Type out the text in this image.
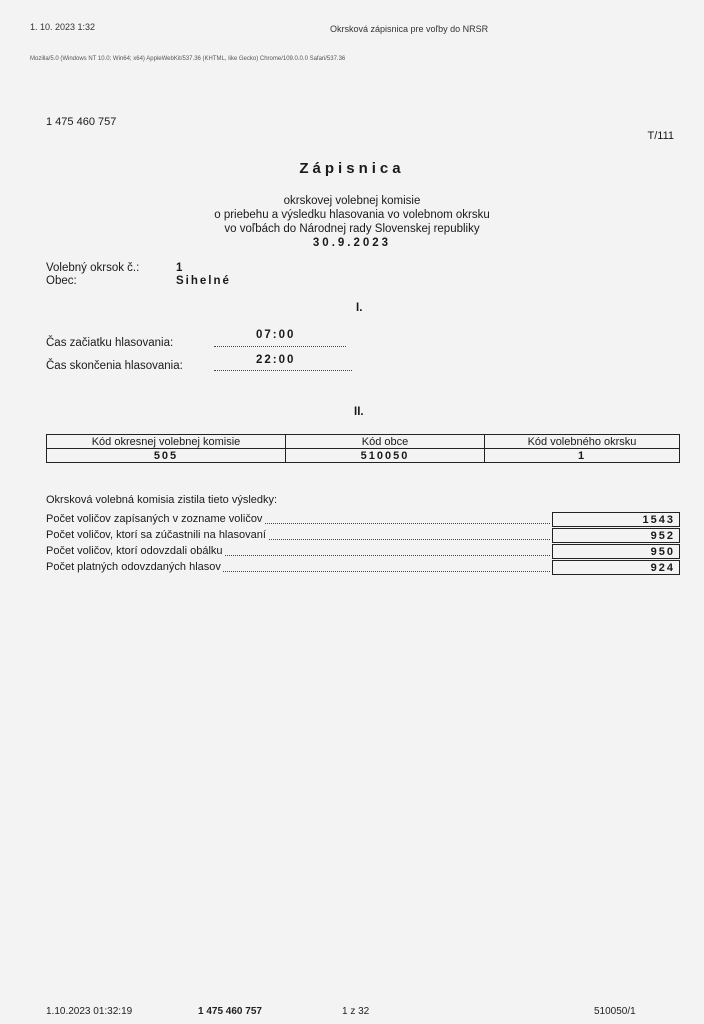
1. 10. 2023 1:32	Okrsková zápisnica pre voľby do NRSR
Mozilla/5.0 (Windows NT 10.0; Win64; x64) AppleWebKit/537.36 (KHTML, like Gecko) Chrome/109.0.0.0 Safari/537.36
1 475 460 757
T/111
Zápisnica
okrskovej volebnej komisie
o priebehu a výsledku hlasovania vo volebnom okrsku
vo voľbách do Národnej rady Slovenskej republiky
30.9.2023
Volebný okrsok č.:	1
Obec:	Sihelné
I.
Čas začiatku hlasovania:
07:00
Čas skončenia hlasovania:	22:00
II.
Kód okresnej volebnej komisie	Kód obce	Kód volebného okrsku
505	510050	1
Okrsková volebná komisia zistila tieto výsledky:
Počet voličov zapísaných v zozname voličov	1543
Počet voličov, ktorí sa zúčastnili na hlasovaní	952
Počet voličov, ktorí odovzdali obálku	950
Počet platných odovzdaných hlasov	924
1.10.2023 01:32:19	1 475 460 757	1 z 32	510050/1
